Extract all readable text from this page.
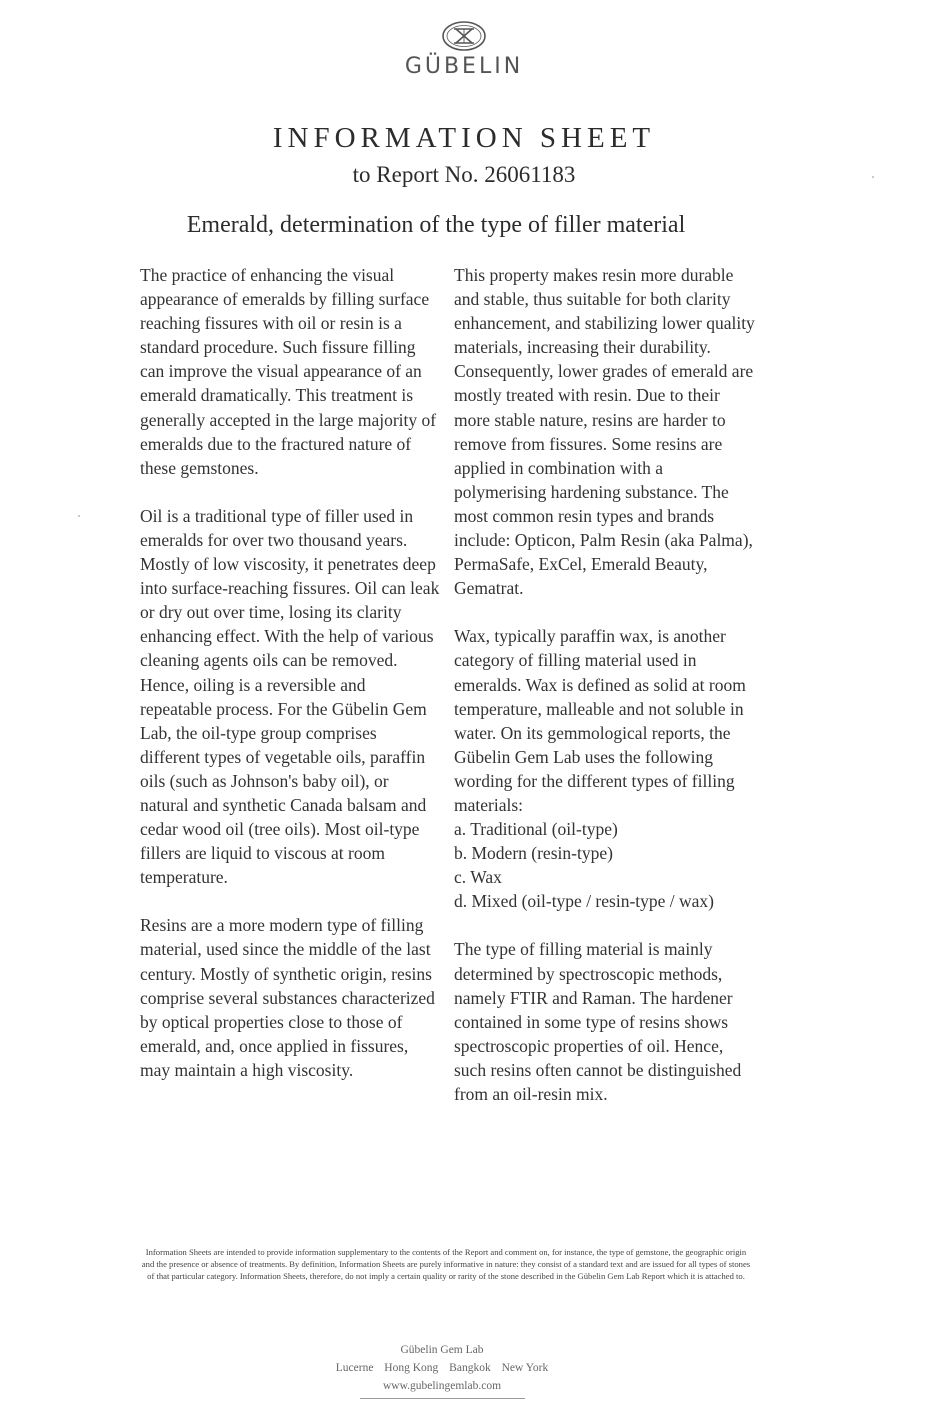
GÜBELIN
INFORMATION SHEET
to Report No. 26061183
Emerald, determination of the type of filler material

The practice of enhancing the visual appearance of emeralds by filling surface reaching fissures with oil or resin is a standard procedure. Such fissure filling can improve the visual appearance of an emerald dramatically. This treatment is generally accepted in the large majority of emeralds due to the fractured nature of these gemstones.

Oil is a traditional type of filler used in emeralds for over two thousand years. Mostly of low viscosity, it penetrates deep into surface-reaching fissures. Oil can leak or dry out over time, losing its clarity enhancing effect. With the help of various cleaning agents oils can be removed. Hence, oiling is a reversible and repeatable process. For the Gübelin Gem Lab, the oil-type group comprises different types of vegetable oils, paraffin oils (such as Johnson's baby oil), or natural and synthetic Canada balsam and cedar wood oil (tree oils). Most oil-type fillers are liquid to viscous at room temperature.

Resins are a more modern type of filling material, used since the middle of the last century. Mostly of synthetic origin, resins comprise several substances characterized by optical properties close to those of emerald, and, once applied in fissures, may maintain a high viscosity.

This property makes resin more durable and stable, thus suitable for both clarity enhancement, and stabilizing lower quality materials, increasing their durability. Consequently, lower grades of emerald are mostly treated with resin. Due to their more stable nature, resins are harder to remove from fissures. Some resins are applied in combination with a polymerising hardening substance. The most common resin types and brands include: Opticon, Palm Resin (aka Palma), PermaSafe, ExCel, Emerald Beauty, Gematrat.

Wax, typically paraffin wax, is another category of filling material used in emeralds. Wax is defined as solid at room temperature, malleable and not soluble in water. On its gemmological reports, the Gübelin Gem Lab uses the following wording for the different types of filling materials:

a. Traditional (oil-type)
b. Modern (resin-type)
c. Wax
d. Mixed (oil-type / resin-type / wax)

The type of filling material is mainly determined by spectroscopic methods, namely FTIR and Raman. The hardener contained in some type of resins shows spectroscopic properties of oil. Hence, such resins often cannot be distinguished from an oil-resin mix.

Information Sheets are intended to provide information supplementary to the contents of the Report and comment on, for instance, the type of gemstone, the geographic origin and the presence or absence of treatments. By definition, Information Sheets are purely informative in nature: they consist of a standard text and are issued for all types of stones of that particular category. Information Sheets, therefore, do not imply a certain quality or rarity of the stone described in the Gübelin Gem Lab Report which it is attached to.
Gübelin Gem Lab
Lucerne Hong Kong Bangkok New York
www.gubelingemlab.com
